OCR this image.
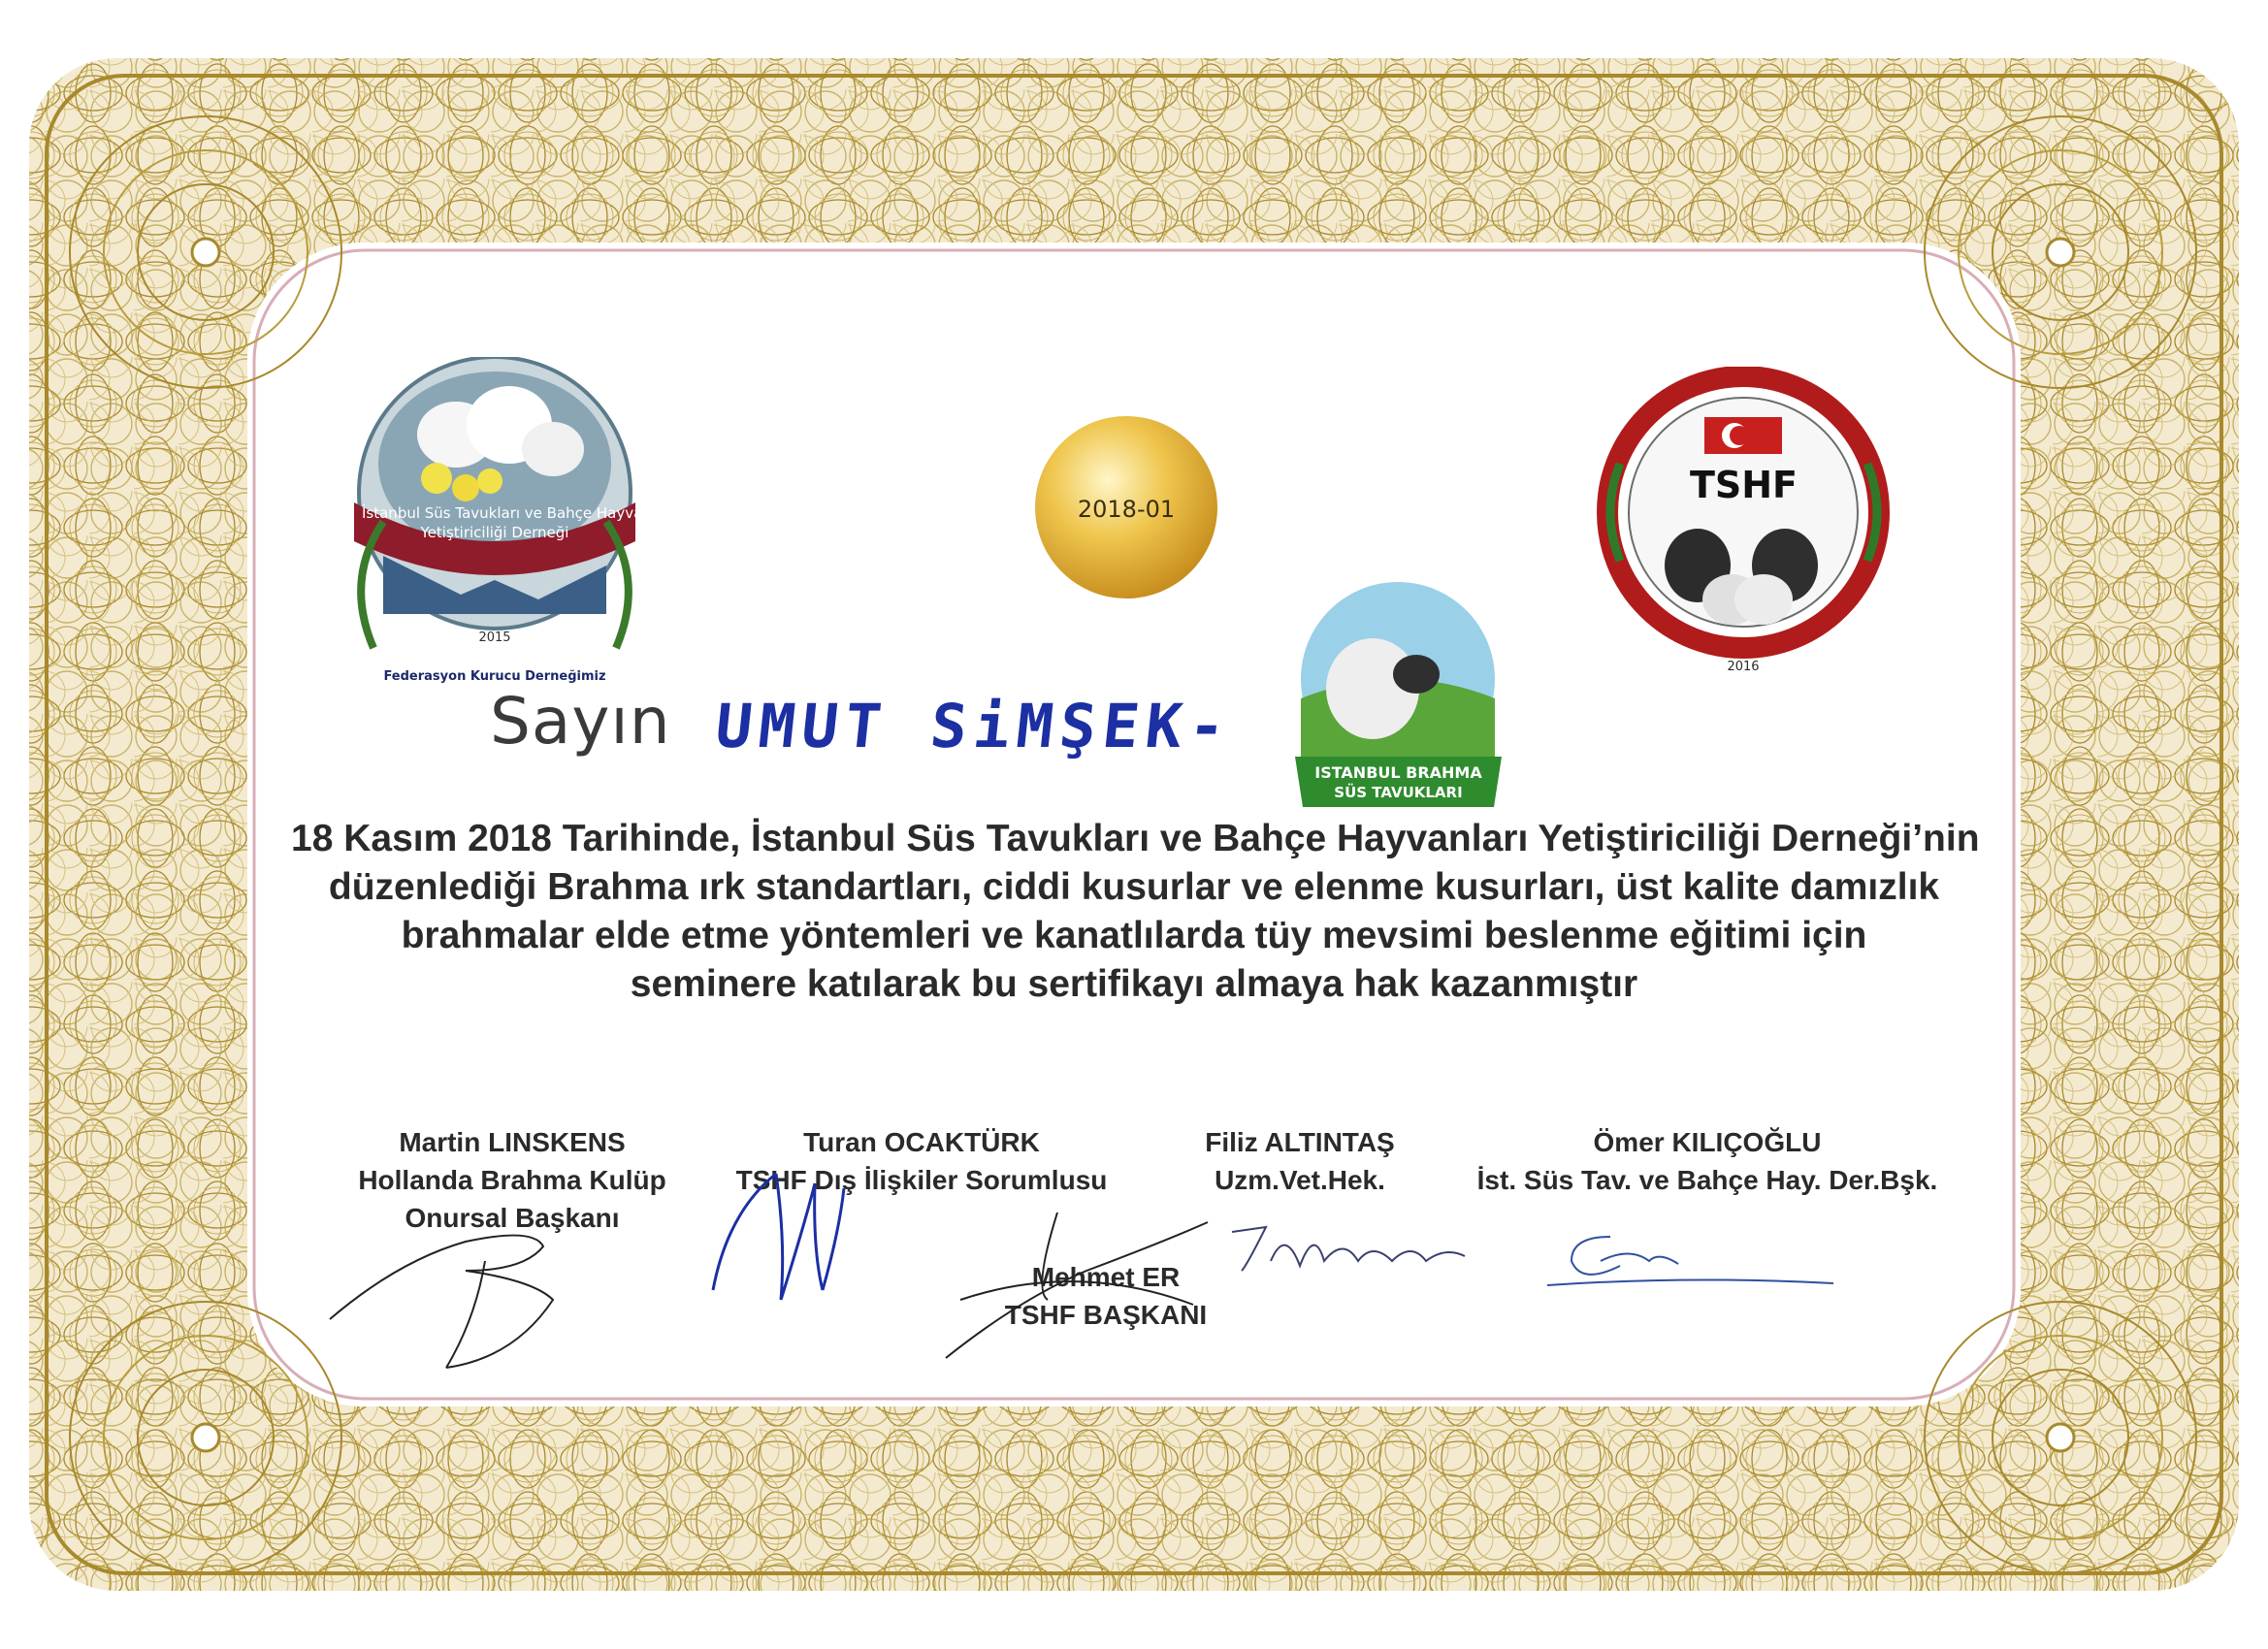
İstanbul Süs Tavukları ve Bahçe Hayvanları
Yetiştiriciliği Derneği
2015
Federasyon Kurucu Derneğimiz
2018-01
TSHF
2016
ISTANBUL BRAHMA
SÜS TAVUKLARI
Sayın UMUT SiMŞEK-
18 Kasım 2018 Tarihinde, İstanbul Süs Tavukları ve Bahçe Hayvanları Yetiştiriciliği Derneği’nin
düzenlediği Brahma ırk standartları, ciddi kusurlar ve elenme kusurları, üst kalite damızlık
brahmalar elde etme yöntemleri ve kanatlılarda tüy mevsimi beslenme eğitimi için
seminere katılarak bu sertifikayı almaya hak kazanmıştır
Martin LINSKENS
Hollanda Brahma Kulüp
Onursal Başkanı
Turan OCAKTÜRK
TSHF Dış İlişkiler Sorumlusu
Filiz ALTINTAŞ
Uzm.Vet.Hek.
Ömer KILIÇOĞLU
İst. Süs Tav. ve Bahçe Hay. Der.Bşk.
Mehmet ER
TSHF BAŞKANI
